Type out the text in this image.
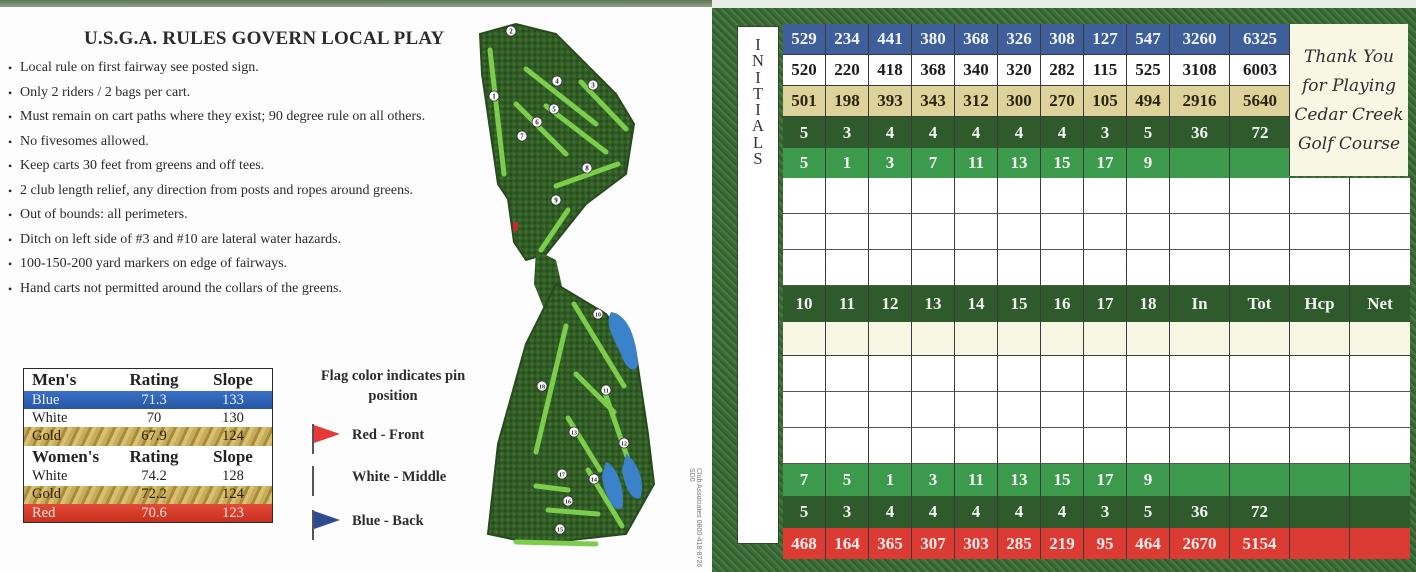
U.S.G.A. RULES GOVERN LOCAL PLAY
• Local rule on first fairway see posted sign.
• Only 2 riders / 2 bags per cart.
• Must remain on cart paths where they exist; 90 degree rule on all others.
• No fivesomes allowed.
• Keep carts 30 feet from greens and off tees.
• 2 club length relief, any direction from posts and ropes around greens.
• Out of bounds: all perimeters.
• Ditch on left side of #3 and #10 are lateral water hazards.
• 100-150-200 yard markers on edge of fairways.
• Hand carts not permitted around the collars of the greens.
Men's	Rating	Slope
Blue	71.3	133
White	70	130
Gold	67.9	124
Women's	Rating	Slope
White	74.2	128
Gold	72.2	124
Red	70.6	123
Flag color indicates pin position
Red - Front
White - Middle
Blue - Back
1
2
3
4
5
6
7
8
9
10
11
12
13
14
15
16
17
18
Club Associates 0800-418-8726 SD0
I
N
I
T
I
A
L
S
529	234	441	380	368	326	308	127	547	3260	6325
520	220	418	368	340	320	282	115	525	3108	6003
501	198	393	343	312	300	270	105	494	2916	5640
5	3	4	4	4	4	4	3	5	36	72
5	1	3	7	11	13	15	17	9
10	11	12	13	14	15	16	17	18	In	Tot	Hcp	Net
7	5	1	3	11	13	15	17	9
5	3	4	4	4	4	4	3	5	36	72
468	164	365	307	303	285	219	95	464	2670	5154
Thank You
for Playing
Cedar Creek
Golf Course
